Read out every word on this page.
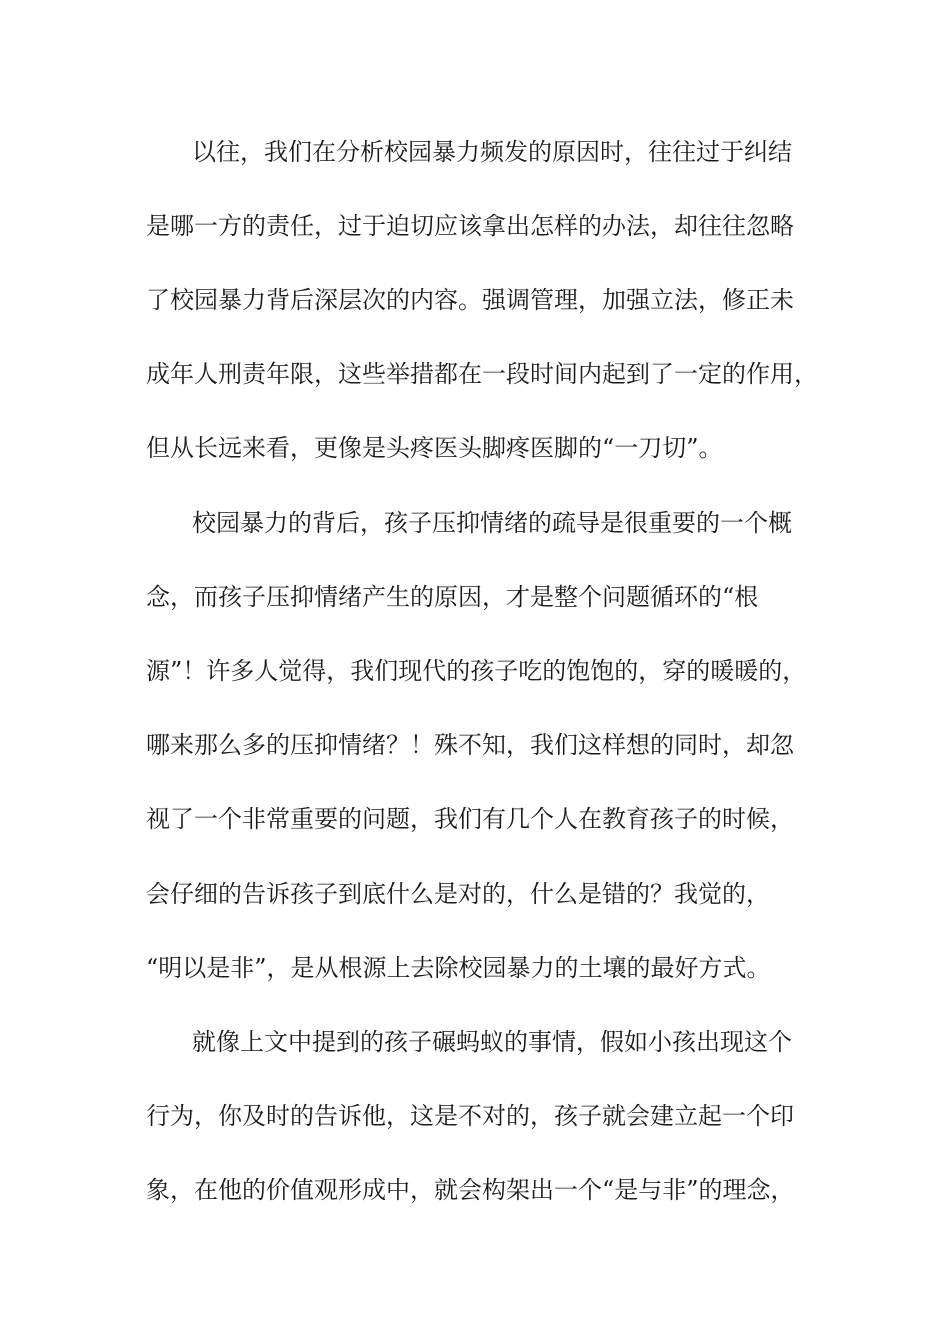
以往，我们在分析校园暴力频发的原因时，往往过于纠结
是哪一方的责任，过于迫切应该拿出怎样的办法，却往往忽略
了校园暴力背后深层次的内容。强调管理，加强立法，修正未
成年人刑责年限，这些举措都在一段时间内起到了一定的作用，
但从长远来看，更像是头疼医头脚疼医脚的“一刀切”。
校园暴力的背后，孩子压抑情绪的疏导是很重要的一个概
念，而孩子压抑情绪产生的原因，才是整个问题循环的“根
源”！许多人觉得，我们现代的孩子吃的饱饱的，穿的暖暖的，
哪来那么多的压抑情绪？！殊不知，我们这样想的同时，却忽
视了一个非常重要的问题，我们有几个人在教育孩子的时候，
会仔细的告诉孩子到底什么是对的，什么是错的？我觉的，
“明以是非”，是从根源上去除校园暴力的土壤的最好方式。
就像上文中提到的孩子碾蚂蚁的事情，假如小孩出现这个
行为，你及时的告诉他，这是不对的，孩子就会建立起一个印
象，在他的价值观形成中，就会构架出一个“是与非”的理念，
